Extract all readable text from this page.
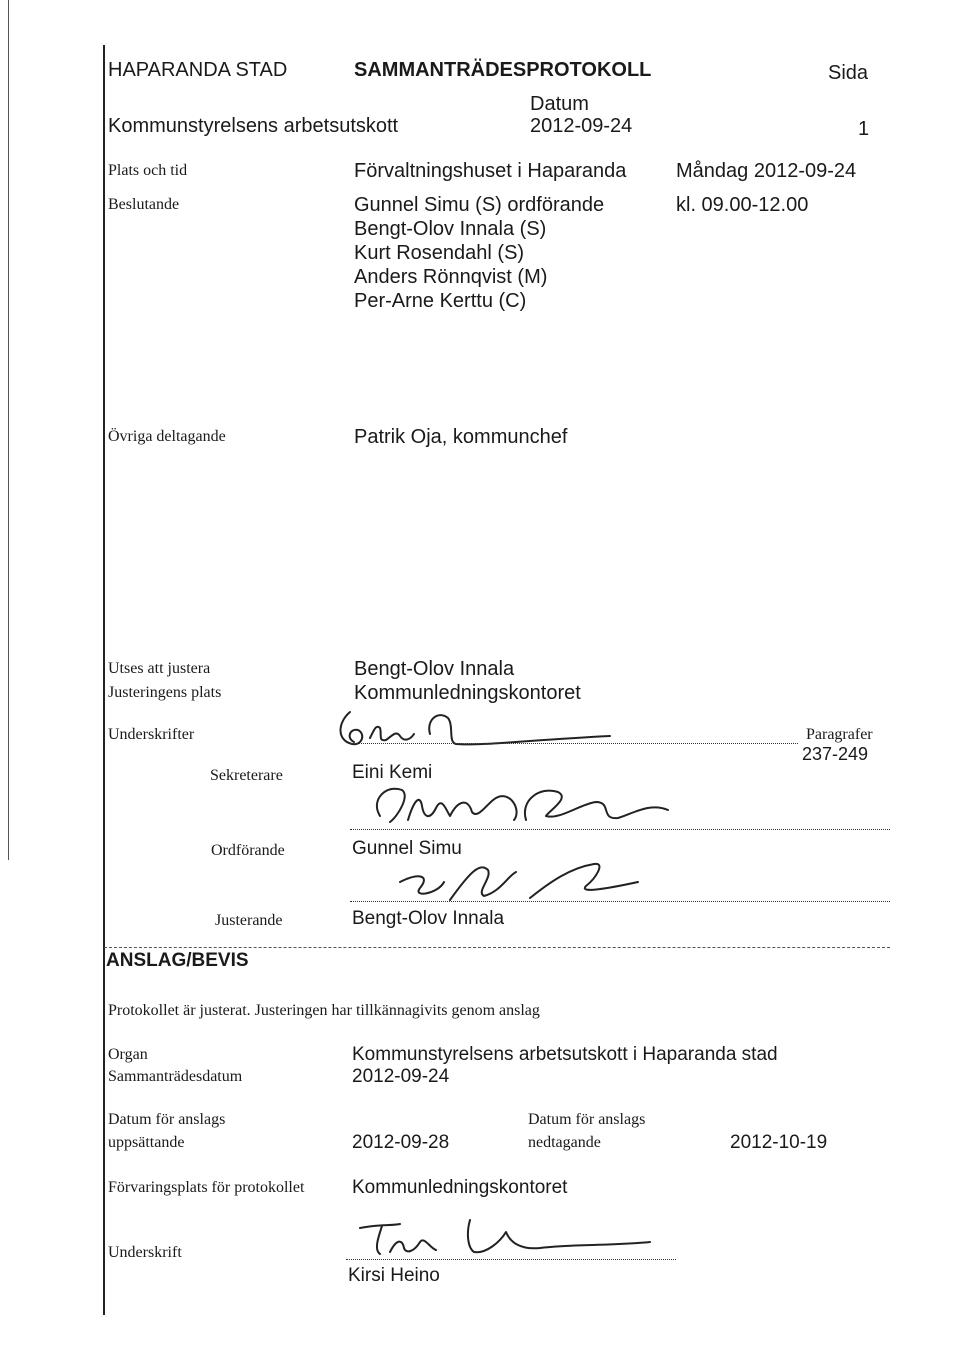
HAPARANDA STAD	SAMMANTRÄDESPROTOKOLL	Sida
Datum
Kommunstyrelsens arbetsutskott	2012-09-24	1
Plats och tid	Förvaltningshuset i Haparanda Måndag 2012-09-24
Beslutande	Gunnel Simu (S) ordförande	kl. 09.00-12.00
Bengt-Olov Innala (S)
Kurt Rosendahl (S)
Anders Rönnqvist (M)
Per-Arne Kerttu (C)
Övriga deltagande	Patrik Oja, kommunchef
Utses att justera	Bengt-Olov Innala
Justeringens plats	Kommunledningskontoret
Underskrifter	Paragrafer
237-249
Sekreterare	Eini Kemi
Ordförande	Gunnel Simu
Justerande	Bengt-Olov Innala
ANSLAG/BEVIS
Protokollet är justerat. Justeringen har tillkännagivits genom anslag
Organ	Kommunstyrelsens arbetsutskott i Haparanda stad
Sammanträdesdatum	2012-09-24
Datum för anslags
uppsättande	2012-09-28
Datum för anslags
nedtagande	2012-10-19
Förvaringsplats för protokollet	Kommunledningskontoret
Underskrift
Kirsi Heino
